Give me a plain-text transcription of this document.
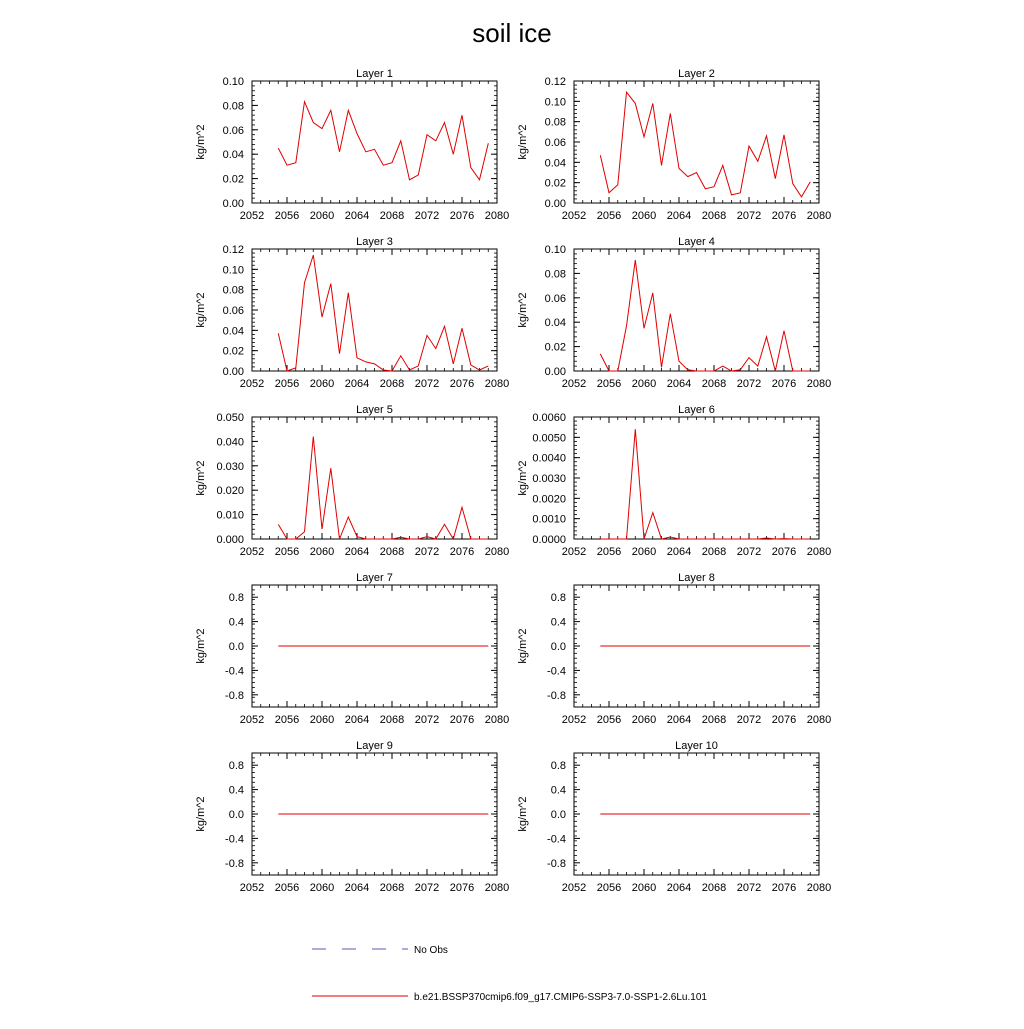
soil ice
Layer 1
kg/m^2
2052 2056 2060 2064 2068 2072 2076 2080
0.00
0.02
0.04
0.06
0.08
0.10
Layer 2
kg/m^2
2052 2056 2060 2064 2068 2072 2076 2080
0.00
0.02
0.04
0.06
0.08
0.10
0.12
Layer 3
kg/m^2
2052 2056 2060 2064 2068 2072 2076 2080
0.00
0.02
0.04
0.06
0.08
0.10
0.12
Layer 4
kg/m^2
2052 2056 2060 2064 2068 2072 2076 2080
0.00
0.02
0.04
0.06
0.08
0.10
Layer 5
kg/m^2
2052 2056 2060 2064 2068 2072 2076 2080
0.000
0.010
0.020
0.030
0.040
0.050
Layer 6
kg/m^2
2052 2056 2060 2064 2068 2072 2076 2080
0.0000
0.0010
0.0020
0.0030
0.0040
0.0050
0.0060
Layer 7
kg/m^2
2052 2056 2060 2064 2068 2072 2076 2080
-0.8
-0.4
0.0
0.4
0.8
Layer 8
kg/m^2
2052 2056 2060 2064 2068 2072 2076 2080
-0.8
-0.4
0.0
0.4
0.8
Layer 9
kg/m^2
2052 2056 2060 2064 2068 2072 2076 2080
-0.8
-0.4
0.0
0.4
0.8
Layer 10
kg/m^2
2052 2056 2060 2064 2068 2072 2076 2080
-0.8
-0.4
0.0
0.4
0.8
No Obs
b.e21.BSSP370cmip6.f09_g17.CMIP6-SSP3-7.0-SSP1-2.6Lu.101
